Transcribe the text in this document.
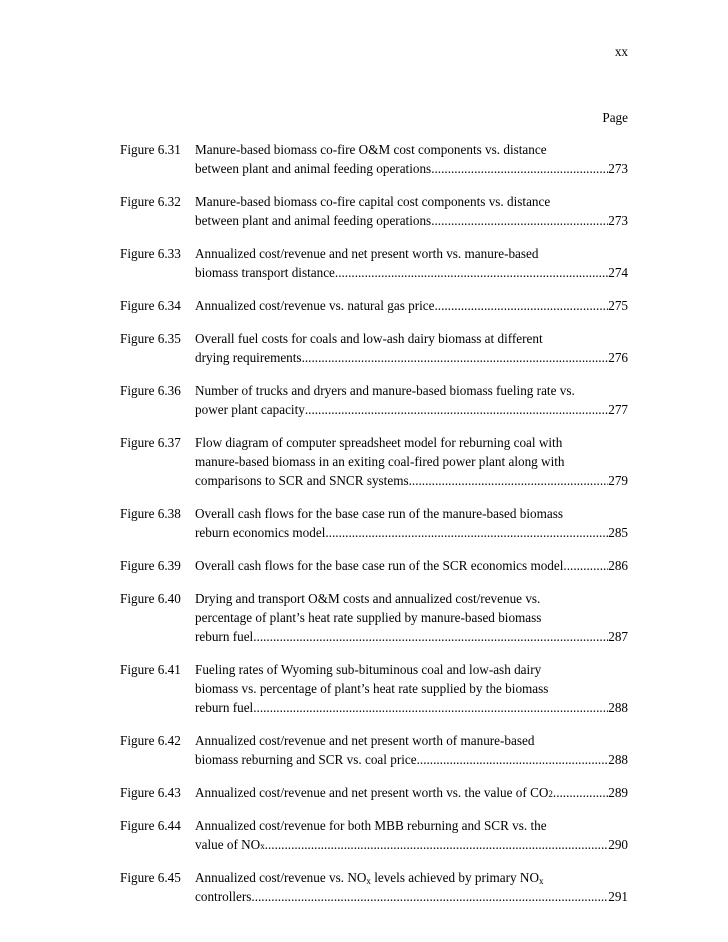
xx
Page
Figure 6.31	Manure-based biomass co-fire O&M cost components vs. distance
between plant and animal feeding operations .....	273
Figure 6.32	Manure-based biomass co-fire capital cost components vs. distance
between plant and animal feeding operations .....	273
Figure 6.33	Annualized cost/revenue and net present worth vs. manure-based
biomass transport distance .....	274
Figure 6.34	Annualized cost/revenue vs. natural gas price .....	275
Figure 6.35	Overall fuel costs for coals and low-ash dairy biomass at different
drying requirements .....	276
Figure 6.36	Number of trucks and dryers and manure-based biomass fueling rate vs.
power plant capacity .....	277
Figure 6.37	Flow diagram of computer spreadsheet model for reburning coal with
manure-based biomass in an exiting coal-fired power plant along with
comparisons to SCR and SNCR systems .....	279
Figure 6.38	Overall cash flows for the base case run of the manure-based biomass
reburn economics model .....	285
Figure 6.39	Overall cash flows for the base case run of the SCR economics model .....	286
Figure 6.40	Drying and transport O&M costs and annualized cost/revenue vs.
percentage of plant’s heat rate supplied by manure-based biomass
reburn fuel .....	287
Figure 6.41	Fueling rates of Wyoming sub-bituminous coal and low-ash dairy
biomass vs. percentage of plant’s heat rate supplied by the biomass
reburn fuel .....	288
Figure 6.42	Annualized cost/revenue and net present worth of manure-based
biomass reburning and SCR vs. coal price .....	288
Figure 6.43	Annualized cost/revenue and net present worth vs. the value of CO 2 .....	289
Figure 6.44	Annualized cost/revenue for both MBB reburning and SCR vs. the
value of NO x .....	290
Figure 6.45	Annualized cost/revenue vs. $NO_x$ levels achieved by primary $NO_x$
controllers .....	291
